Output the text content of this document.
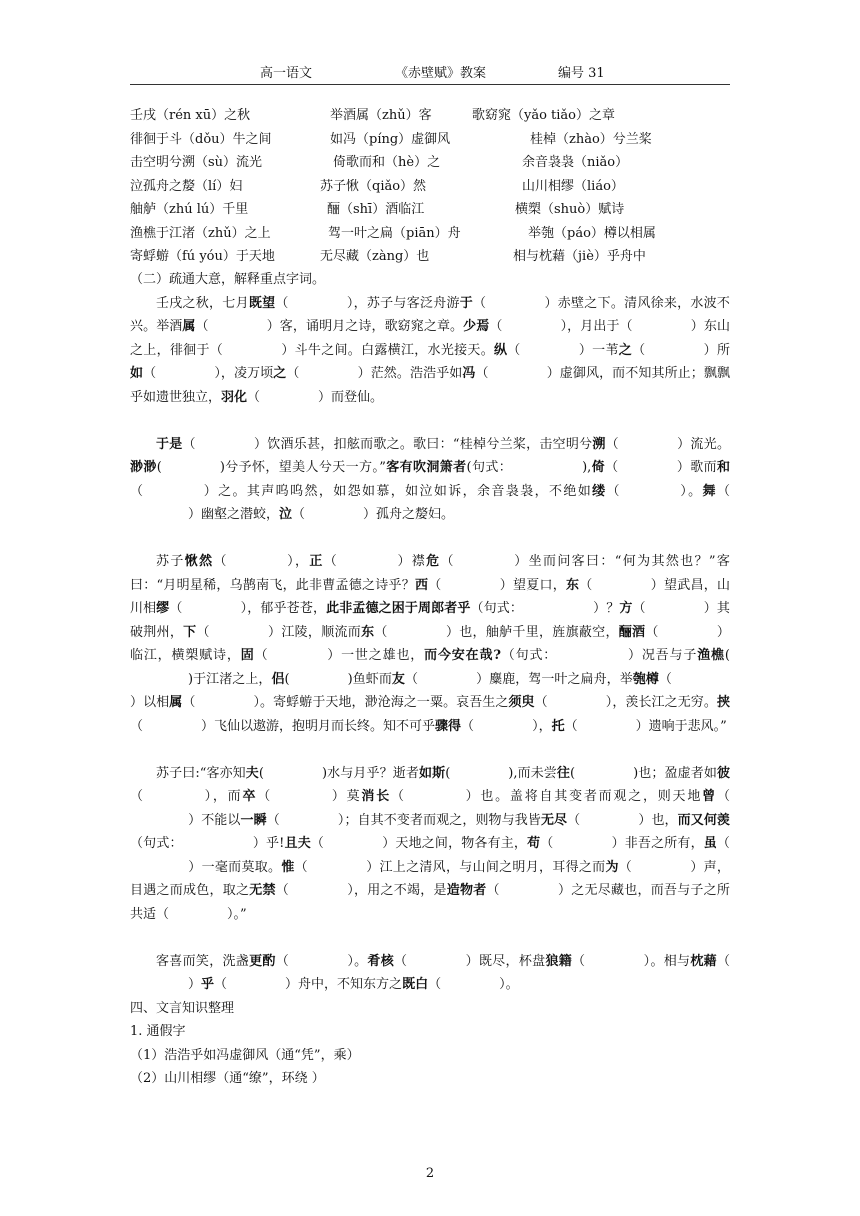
高一语文	《赤壁赋》教案	编号 31
壬戌（rén xū）之秋	举酒属（zhǔ）客	歌窈窕（yǎo tiǎo）之章
徘徊于斗（dǒu）牛之间	如冯（píng）虚御风	桂棹（zhào）兮兰桨
击空明兮溯（sù）流光	倚歌而和（hè）之	余音袅袅（niǎo）
泣孤舟之嫠（lí）妇	苏子愀（qiǎo）然	山川相缪（liáo）
舳舻（zhú lú）千里	酾（shī）酒临江	横槊（shuò）赋诗
渔樵于江渚（zhǔ）之上	驾一叶之扁（piān）舟	举匏（páo）樽以相属
寄蜉蝣（fú yóu）于天地	无尽藏（zàng）也	相与枕藉（jiè）乎舟中

（二）疏通大意，解释重点字词。

壬戌之秋，七月既望（	），苏子与客泛舟游于（	）赤壁之下。清风徐来，水波不兴。举酒属（	）客，诵明月之诗，歌窈窕之章。少焉（	），月出于（	）东山之上，徘徊于（	）斗牛之间。白露横江，水光接天。纵（	）一苇之（	）所如（	），凌万顷之（	）茫然。浩浩乎如冯（	）虚御风，而不知其所止；飘飘乎如遗世独立，羽化（	）而登仙。

于是（	）饮酒乐甚，扣舷而歌之。歌曰：“桂棹兮兰桨，击空明兮溯（	）流光。渺渺(	)兮予怀，望美人兮天一方。”客有吹洞箫者(句式：	),倚（	）歌而和（	）之。其声呜呜然，如怨如慕，如泣如诉，余音袅袅，不绝如缕（	）。舞（）幽壑之潜蛟，泣（	）孤舟之嫠妇。

苏子愀然（	），正（	）襟危（	）坐而问客曰：“何为其然也？”客曰：“月明星稀，乌鹊南飞，此非曹孟德之诗乎？西（	）望夏口，东（	）望武昌，山川相缪（	），郁乎苍苍，此非孟德之困于周郎者乎（句式：	）？方（	）其破荆州，下（	）江陵，顺流而东（	）也，舳舻千里，旌旗蔽空，酾酒（	）临江，横槊赋诗，固（	）一世之雄也，而今安在哉?（句式：	）况吾与子渔樵()于江渚之上，侣(	)鱼虾而友（	）麋鹿，驾一叶之扁舟，举匏樽（）以相属（	）。寄蜉蝣于天地，渺沧海之一粟。哀吾生之须臾（	），羡长江之无穷。挟（	）飞仙以遨游，抱明月而长终。知不可乎骤得（	），托（	）遗响于悲风。”

苏子曰:“客亦知夫(	)水与月乎？逝者如斯(	),而未尝往(	)也；盈虚者如彼（	），而卒（	）莫消长（	）也。盖将自其变者而观之，则天地曾（）不能以一瞬（	）；自其不变者而观之，则物与我皆无尽（	）也，而又何羡（句式：	）乎!且夫（	）天地之间，物各有主，苟（	）非吾之所有，虽（）一毫而莫取。惟（	）江上之清风，与山间之明月，耳得之而为（	）声，目遇之而成色，取之无禁（	），用之不竭，是造物者（	）之无尽藏也，而吾与子之所共适（	）。”

客喜而笑，洗盏更酌（	）。肴核（	）既尽，杯盘狼籍（	）。相与枕藉（）乎（	）舟中，不知东方之既白（	）。

四、文言知识整理

1. 通假字

（1）浩浩乎如冯虚御风（通“凭”，乘）

（2）山川相缪（通“缭”，环绕 ）

2
